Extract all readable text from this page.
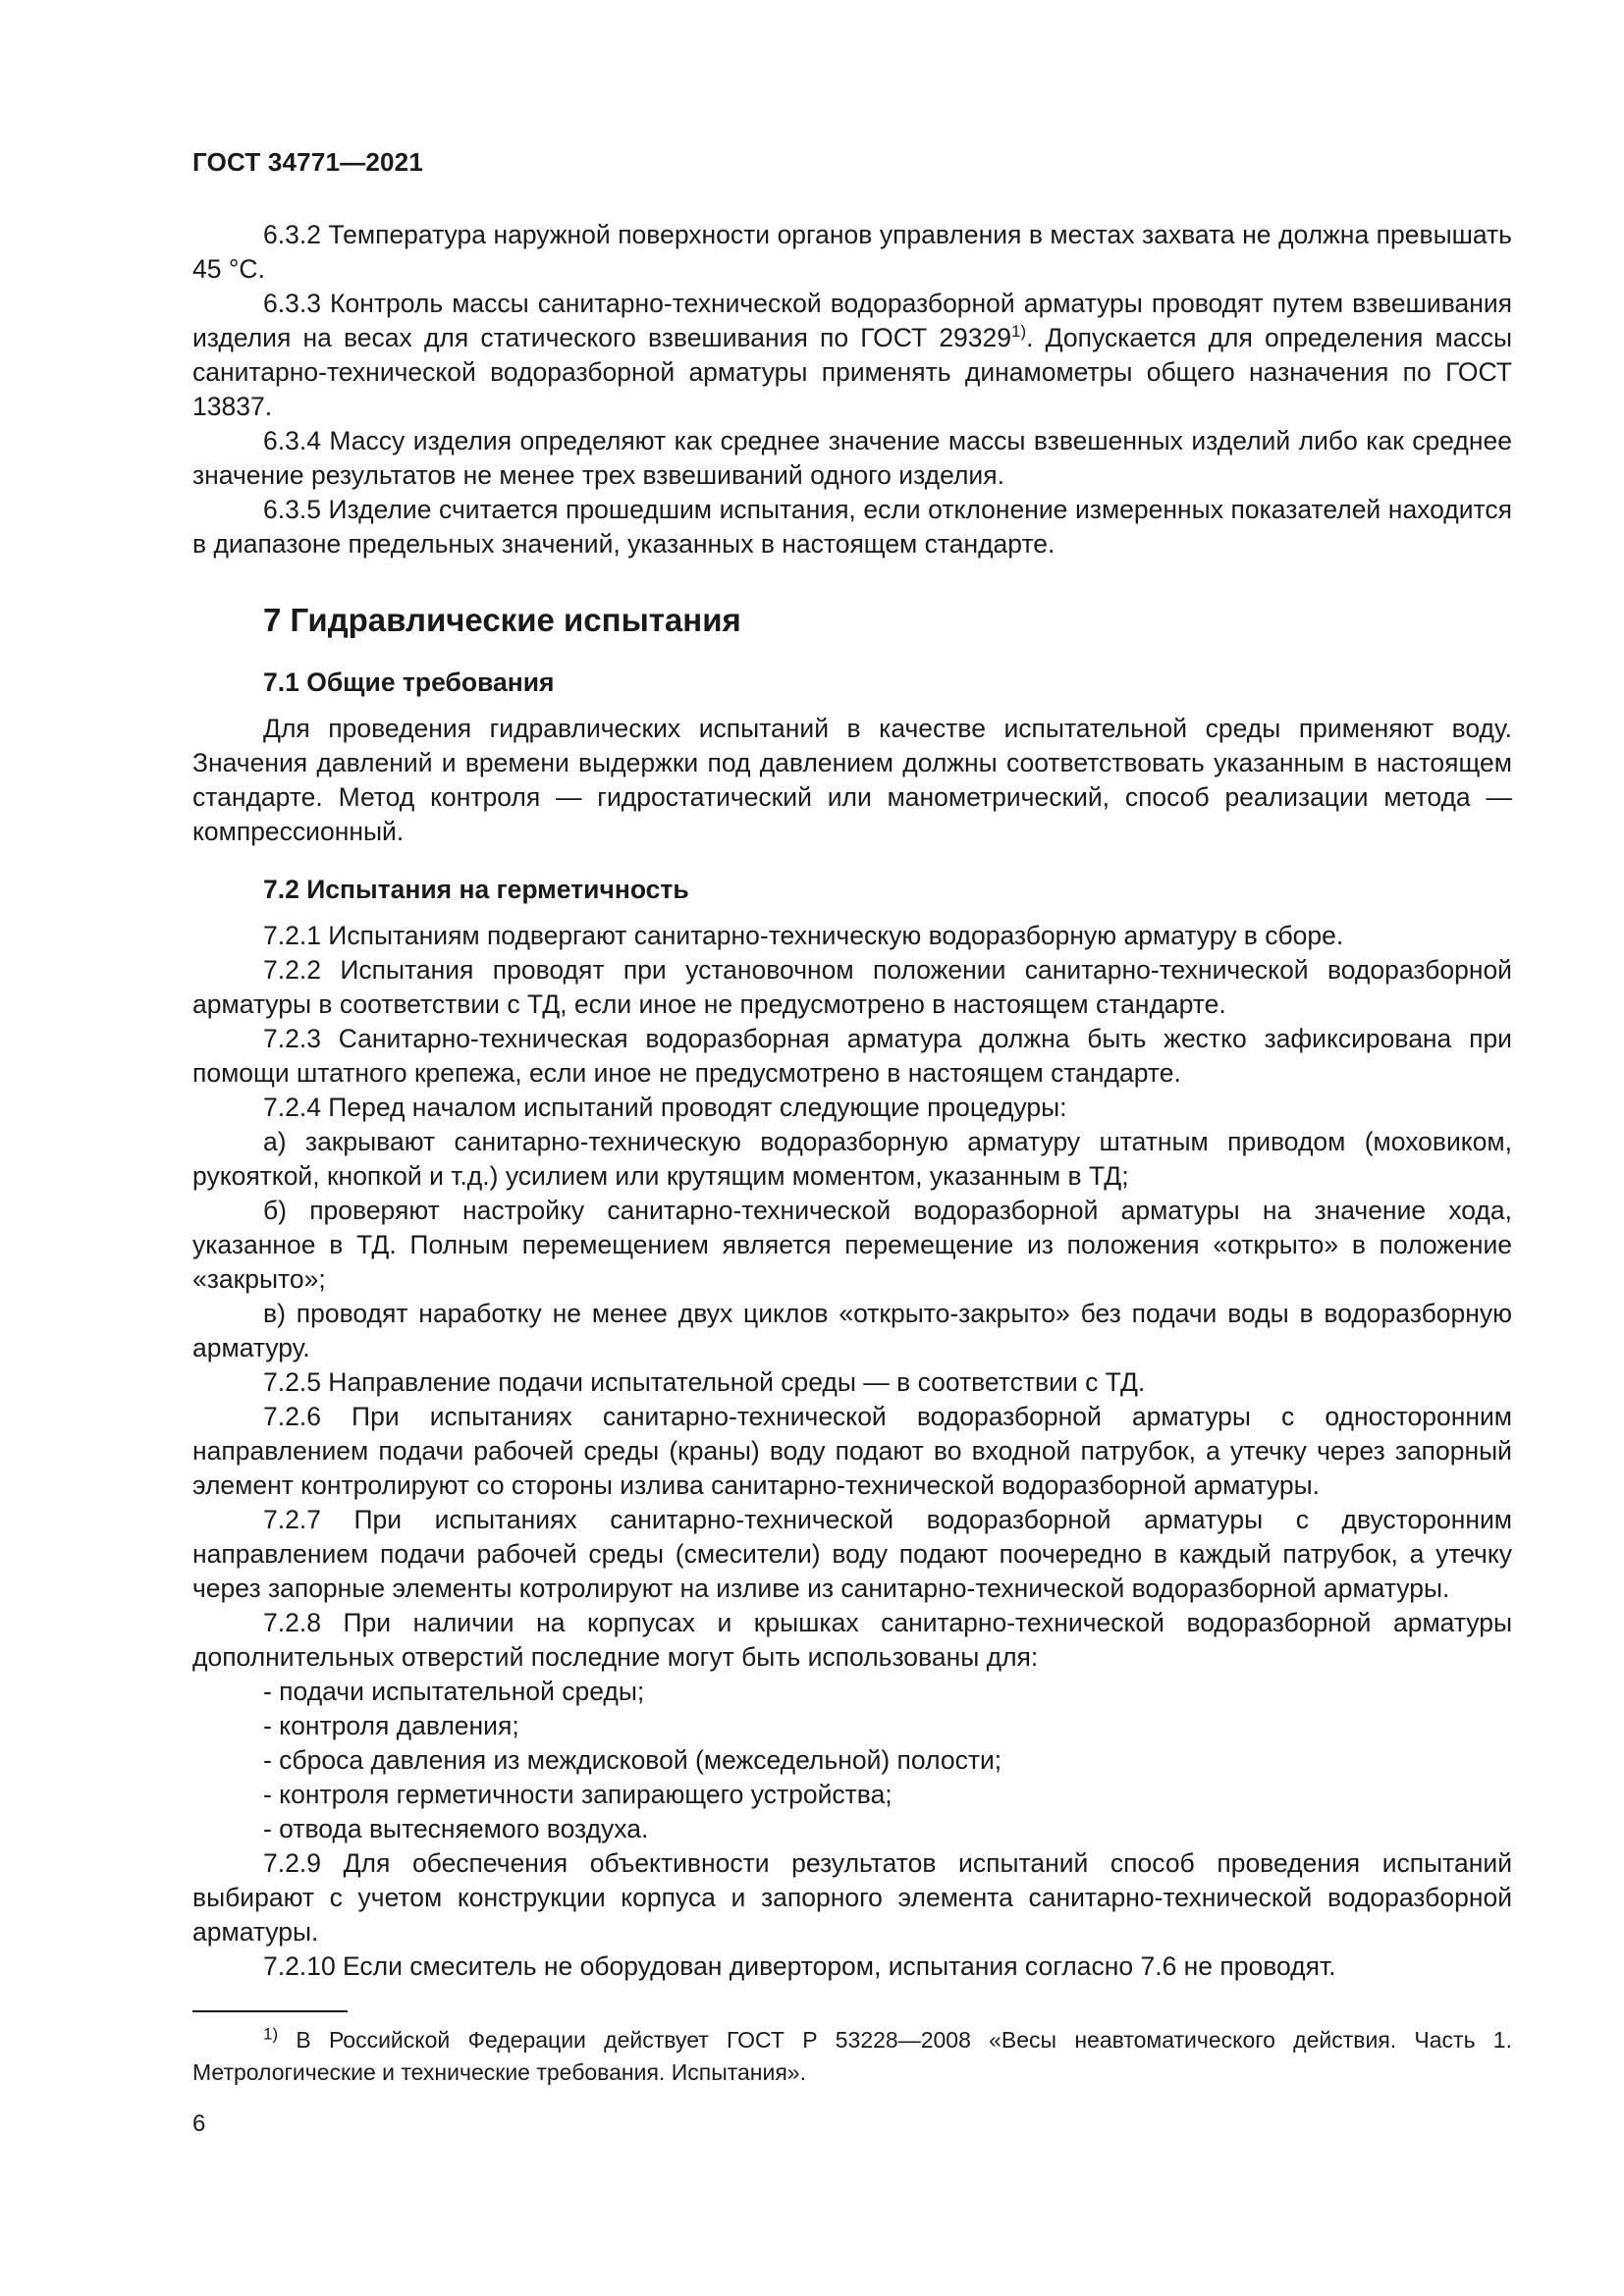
ГОСТ 34771—2021

6.3.2 Температура наружной поверхности органов управления в местах захвата не должна превышать 45 °С.

6.3.3 Контроль массы санитарно-технической водоразборной арматуры проводят путем взвешивания изделия на весах для статического взвешивания по ГОСТ 29329$^{1)}$. Допускается для определения массы санитарно-технической водоразборной арматуры применять динамометры общего назначения по ГОСТ 13837.

6.3.4 Массу изделия определяют как среднее значение массы взвешенных изделий либо как среднее значение результатов не менее трех взвешиваний одного изделия.

6.3.5 Изделие считается прошедшим испытания, если отклонение измеренных показателей находится в диапазоне предельных значений, указанных в настоящем стандарте.

7 Гидравлические испытания
7.1 Общие требования

Для проведения гидравлических испытаний в качестве испытательной среды применяют воду. Значения давлений и времени выдержки под давлением должны соответствовать указанным в настоящем стандарте. Метод контроля — гидростатический или манометрический, способ реализации метода — компрессионный.

7.2 Испытания на герметичность

7.2.1 Испытаниям подвергают санитарно-техническую водоразборную арматуру в сборе.

7.2.2 Испытания проводят при установочном положении санитарно-технической водоразборной арматуры в соответствии с ТД, если иное не предусмотрено в настоящем стандарте.

7.2.3 Санитарно-техническая водоразборная арматура должна быть жестко зафиксирована при помощи штатного крепежа, если иное не предусмотрено в настоящем стандарте.

7.2.4 Перед началом испытаний проводят следующие процедуры:

а) закрывают санитарно-техническую водоразборную арматуру штатным приводом (моховиком, рукояткой, кнопкой и т.д.) усилием или крутящим моментом, указанным в ТД;

б) проверяют настройку санитарно-технической водоразборной арматуры на значение хода, указанное в ТД. Полным перемещением является перемещение из положения «открыто» в положение «закрыто»;

в) проводят наработку не менее двух циклов «открыто-закрыто» без подачи воды в водоразборную арматуру.

7.2.5 Направление подачи испытательной среды — в соответствии с ТД.

7.2.6 При испытаниях санитарно-технической водоразборной арматуры с односторонним направлением подачи рабочей среды (краны) воду подают во входной патрубок, а утечку через запорный элемент контролируют со стороны излива санитарно-технической водоразборной арматуры.

7.2.7 При испытаниях санитарно-технической водоразборной арматуры с двусторонним направлением подачи рабочей среды (смесители) воду подают поочередно в каждый патрубок, а утечку через запорные элементы котролируют на изливе из санитарно-технической водоразборной арматуры.

7.2.8 При наличии на корпусах и крышках санитарно-технической водоразборной арматуры дополнительных отверстий последние могут быть использованы для:

- подачи испытательной среды;

- контроля давления;

- сброса давления из междисковой (межседельной) полости;

- контроля герметичности запирающего устройства;

- отвода вытесняемого воздуха.

7.2.9 Для обеспечения объективности результатов испытаний способ проведения испытаний выбирают с учетом конструкции корпуса и запорного элемента санитарно-технической водоразборной арматуры.

7.2.10 Если смеситель не оборудован дивертором, испытания согласно 7.6 не проводят.

$^{1)}$ В Российской Федерации действует ГОСТ Р 53228—2008 «Весы неавтоматического действия. Часть 1. Метрологические и технические требования. Испытания».

6
